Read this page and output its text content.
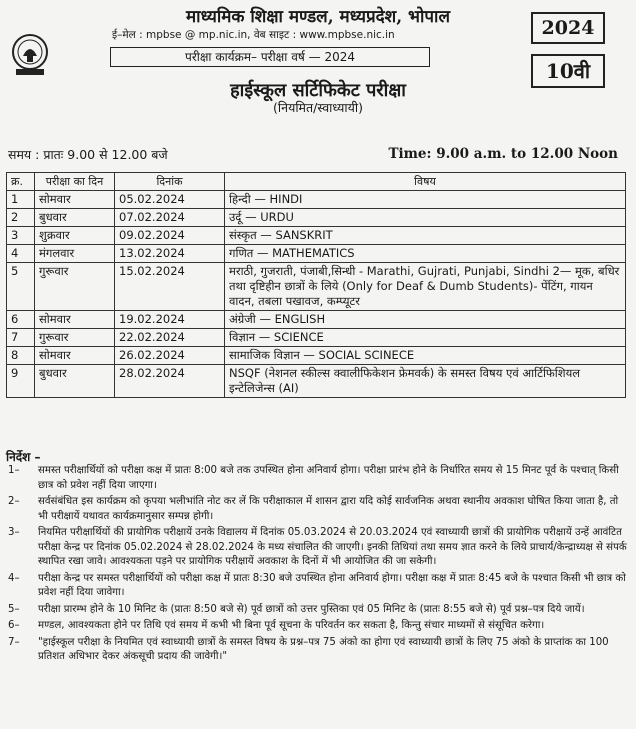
माध्यमिक शिक्षा मण्डल, मध्यप्रदेश, भोपाल
ई–मेल : mpbse @ mp.nic.in, वेब साइट : www.mpbse.nic.in
परीक्षा कार्यक्रम– परीक्षा वर्ष — 2024
2024
10वी
हाईस्कूल सर्टिफिकेट परीक्षा
(नियमित/स्वाध्यायी)
समय : प्रातः 9.00 से 12.00 बजे	Time: 9.00 a.m. to 12.00 Noon
क्र.	परीक्षा का दिन	दिनांक	विषय
1	सोमवार	05.02.2024	हिन्दी — HINDI
2	बुधवार	07.02.2024	उर्दू — URDU
3	शुक्रवार	09.02.2024	संस्कृत — SANSKRIT
4	मंगलवार	13.02.2024	गणित — MATHEMATICS
5	गुरूवार	15.02.2024	मराठी, गुजराती, पंजाबी,सिन्धी - Marathi, Gujrati, Punjabi, Sindhi 2— मूक, बधिर तथा दृष्टिहीन छात्रों के लिये (Only for Deaf & Dumb Students)- पेंटिंग, गायन वादन, तबला पखावज, कम्प्यूटर
6	सोमवार	19.02.2024	अंग्रेजी — ENGLISH
7	गुरूवार	22.02.2024	विज्ञान — SCIENCE
8	सोमवार	26.02.2024	सामाजिक विज्ञान — SOCIAL SCINECE
9	बुधवार	28.02.2024	NSQF (नेशनल स्कील्स क्वालीफिकेशन फ्रेमवर्क) के समस्त विषय एवं आर्टिफिशियल इन्टेलिजेन्स (AI)
निर्देश –
1–	समस्त परीक्षार्थियों को परीक्षा कक्ष में प्रातः 8:00 बजे तक उपस्थित होना अनिवार्य होगा। परीक्षा प्रारंभ होने के निर्धारित समय से 15 मिनट पूर्व के पश्चात् किसी छात्र को प्रवेश नहीं दिया जाएगा।
2–	सर्वसंबंधित इस कार्यक्रम को कृपया भलीभांति नोट कर लें कि परीक्षाकाल में शासन द्वारा यदि कोई सार्वजनिक अथवा स्थानीय अवकाश घोषित किया जाता है, तो भी परीक्षायें यथावत कार्यक्रमानुसार सम्पन्न होगी।
3–	नियमित परीक्षार्थियों की प्रायोगिक परीक्षायें उनके विद्यालय में दिनांक 05.03.2024 से 20.03.2024 एवं स्वाध्यायी छात्रों की प्रायोगिक परीक्षायें उन्हें आवंटित परीक्षा केन्द्र पर दिनांक 05.02.2024 से 28.02.2024 के मध्य संचालित की जाएगी। इनकी तिथियां तथा समय ज्ञात करने के लिये प्राचार्य/केन्द्राध्यक्ष से संपर्क स्थापित रखा जावे। आवश्यकता पड़ने पर प्रायोगिक परीक्षायें अवकाश के दिनों में भी आयोजित की जा सकेगी।
4–	परीक्षा केन्द्र पर समस्त परीक्षार्थियों को परीक्षा कक्ष में प्रातः 8:30 बजे उपस्थित होना अनिवार्य होगा। परीक्षा कक्ष में प्रातः 8:45 बजे के पश्चात किसी भी छात्र को प्रवेश नहीं दिया जावेगा।
5–	परीक्षा प्रारम्भ होने के 10 मिनिट के (प्रातः 8:50 बजे से) पूर्व छात्रों को उत्तर पुस्तिका एवं 05 मिनिट के (प्रातः 8:55 बजे से) पूर्व प्रश्न–पत्र दिये जायें।
6–	मण्डल, आवश्यकता होने पर तिथि एवं समय में कभी भी बिना पूर्व सूचना के परिवर्तन कर सकता है, किन्तु संचार माध्यमों से संसूचित करेगा।
7–	"हाईस्कूल परीक्षा के नियमित एवं स्वाध्यायी छात्रों के समस्त विषय के प्रश्न–पत्र 75 अंको का होगा एवं स्वाध्यायी छात्रों के लिए 75 अंको के प्राप्तांक का 100 प्रतिशत अधिभार देकर अंकसूची प्रदाय की जावेगी।"
